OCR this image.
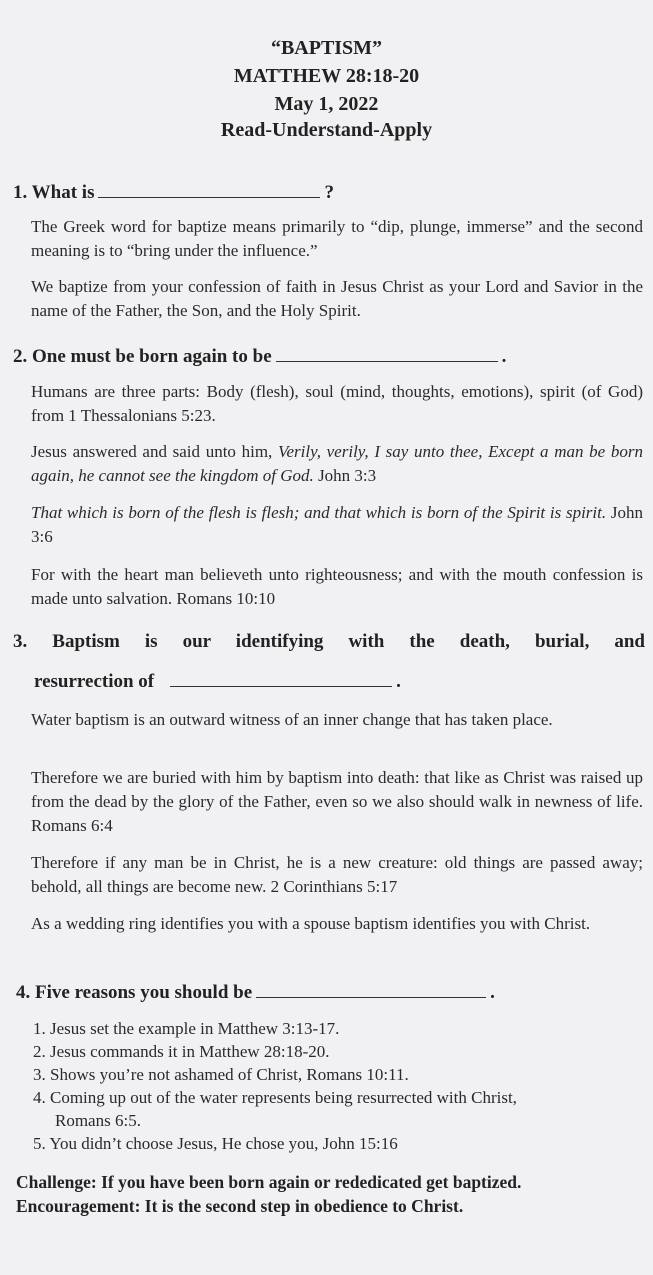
“BAPTISM”
MATTHEW 28:18-20
May 1, 2022
Read-Understand-Apply
1. What is	?
The Greek word for baptize means primarily to “dip, plunge, immerse” and the second meaning is to “bring under the influence.”
We baptize from your confession of faith in Jesus Christ as your Lord and Savior in the name of the Father, the Son, and the Holy Spirit.
2. One must be born again to be	.
Humans are three parts: Body (flesh), soul (mind, thoughts, emotions), spirit (of God) from 1 Thessalonians 5:23.
Jesus answered and said unto him, Verily, verily, I say unto thee, Except a man be born again, he cannot see the kingdom of God. John 3:3
That which is born of the flesh is flesh; and that which is born of the Spirit is spirit. John 3:6
For with the heart man believeth unto righteousness; and with the mouth confession is made unto salvation. Romans 10:10
3. Baptism is our identifying with the death, burial, and
resurrection of	.
Water baptism is an outward witness of an inner change that has taken place.
Therefore we are buried with him by baptism into death: that like as Christ was raised up from the dead by the glory of the Father, even so we also should walk in newness of life. Romans 6:4
Therefore if any man be in Christ, he is a new creature: old things are passed away; behold, all things are become new. 2 Corinthians 5:17
As a wedding ring identifies you with a spouse baptism identifies you with Christ.
4. Five reasons you should be	.
1. Jesus set the example in Matthew 3:13-17.
2. Jesus commands it in Matthew 28:18-20.
3. Shows you’re not ashamed of Christ, Romans 10:11.
4. Coming up out of the water represents being resurrected with Christ,
Romans 6:5.
5. You didn’t choose Jesus, He chose you, John 15:16
Challenge: If you have been born again or rededicated get baptized.
Encouragement: It is the second step in obedience to Christ.
